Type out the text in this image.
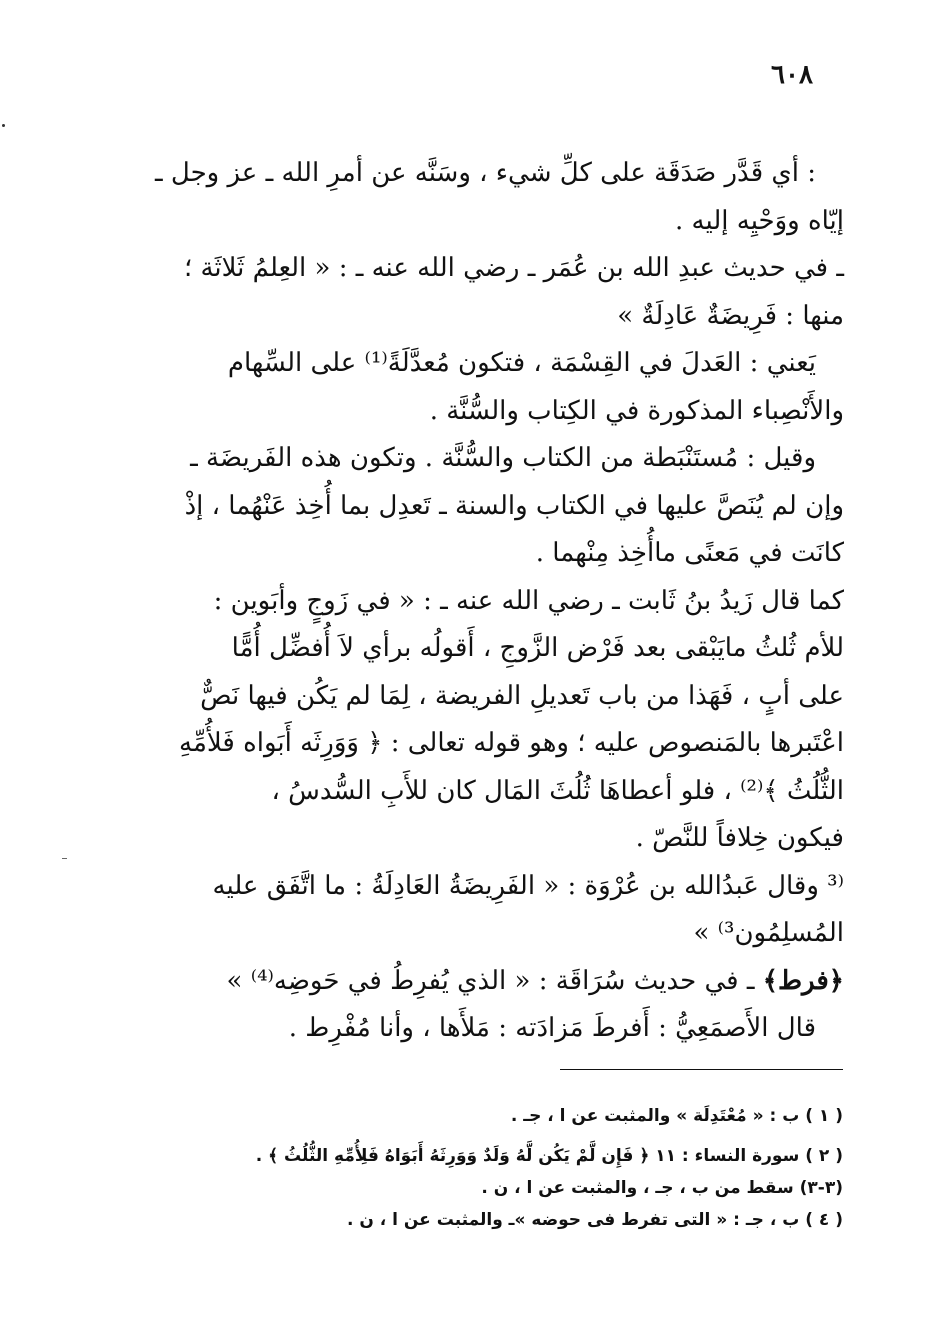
٦٠٨
: أي قَدَّر صَدَقَة على كلِّ شيء ، وسَنَّه عن أمرِ الله ـ عز وجل ـ
إيّاه ووَحْيِه إليه .
ـ في حديث عبدِ الله بن عُمَر ـ رضي الله عنه ـ : « العِلمُ ثَلاثَة ؛
منها : فَرِيضَةٌ عَادِلَةٌ »
يَعني : العَدلَ في القِسْمَة ، فتكون مُعدَّلَةً⁽¹⁾ على السِّهام
والأَنْصِباء المذكورة في الكِتاب والسُّنَّة .
وقيل : مُستَنْبَطة من الكتاب والسُّنَّة . وتكون هذه الفَريضَة ـ
وإن لم يُنَصَّ عليها في الكتاب والسنة ـ تَعدِل بما أُخِذ عَنْهُما ، إذْ
كانَت في مَعنًى ماأُخِذ مِنْهما .
كما قال زَيدُ بنُ ثَابت ـ رضي الله عنه ـ : « في زَوجٍ وأبَوين :
للأم ثُلثُ مايَبْقى بعد فَرْض الزَّوجِ ، أَقولُه برأي لاَ أُفضِّل أُمًّا
على أبٍ ، فَهَذا من باب تَعديلِ الفريضة ، لِمَا لم يَكُن فيها نَصٌّ
اعْتَبرها بالمَنصوص عليه ؛ وهو قوله تعالى : ﴿ وَوَرِثَه أَبَواه فَلأُمِّهِ
الثُّلُثُ ﴾⁽²⁾ ، فلو أعطاهَا ثُلُثَ المَال كان للأَبِ السُّدسُ ،
فيكون خِلافاً للنَّصّ .
⁽³ وقال عَبدُالله بن عُرْوَة : « الفَرِيضَةُ العَادِلَةُ : ما اتَّفَق عليه
المُسلِمُون³⁾ »
﴿فرط﴾ ـ في حديث سُرَاقَة : « الذي يُفرِطُ في حَوضِه⁽⁴⁾ »
قال الأَصمَعِيُّ : أَفرطَ مَزادَته : مَلأَها ، وأنا مُفْرِط .
( ١ ) ب : « مُعْتَدِلَة » والمثبت عن ا ، جـ .
( ٢ ) سورة النساء : ١١ ﴿ فَإِن لَّمْ يَكُن لَّهُ وَلَدٌ وَوَرِثَهُ أَبَوَاهُ فَلِأُمِّهِ الثُّلُثُ ﴾ .
(٣-٣) سقط من ب ، جـ ، والمثبت عن ا ، ن .
( ٤ ) ب ، جـ : « التى تفرط فى حوضه »ـ والمثبت عن ا ، ن .
